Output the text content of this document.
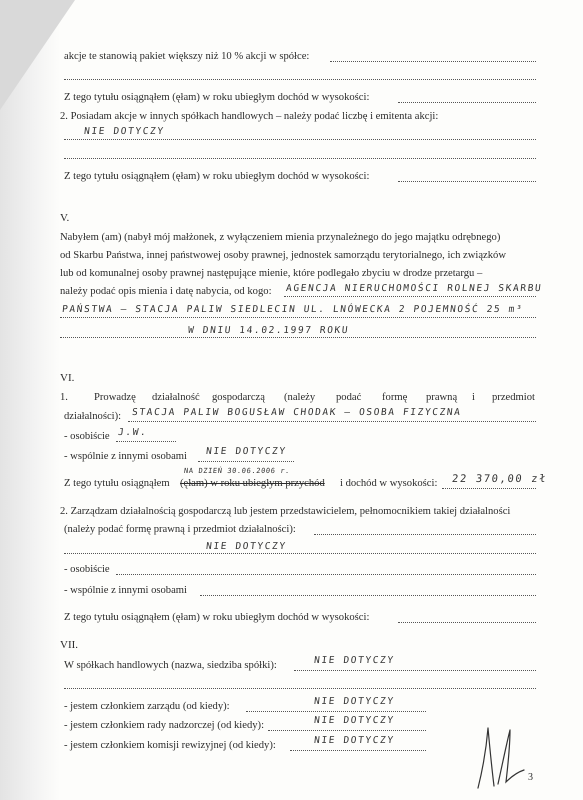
akcje te stanowią pakiet większy niż 10 % akcji w spółce:
Z tego tytułu osiągnąłem (ęłam) w roku ubiegłym dochód w wysokości:
2. Posiadam akcje w innych spółkach handlowych – należy podać liczbę i emitenta akcji:
NIE DOTYCZY
Z tego tytułu osiągnąłem (ęłam) w roku ubiegłym dochód w wysokości:
V.
Nabyłem (am) (nabył mój małżonek, z wyłączeniem mienia przynależnego do jego majątku odrębnego)
od Skarbu Państwa, innej państwowej osoby prawnej, jednostek samorządu terytorialnego, ich związków
lub od komunalnej osoby prawnej następujące mienie, które podlegało zbyciu w drodze przetargu –
należy podać opis mienia i datę nabycia, od kogo: AGENCJA NIERUCHOMOŚCI ROLNEJ SKARBU
PAŃSTWA – STACJA PALIW SIEDLECIN UL. LNÓWECKA 2 POJEMNOŚĆ 25 m³
W DNIU 14.02.1997 ROKU
VI.
1. Prowadzę działalność gospodarczą (należy podać formę prawną i przedmiot
działalności): STACJA PALIW BOGUSŁAW CHODAK – OSOBA FIZYCZNA
- osobiście J.W.
- wspólnie z innymi osobami NIE DOTYCZY
NA DZIEŃ 30.06.2006 r.
Z tego tytułu osiągnąłem (ęłam) w roku ubiegłym przychód i dochód w wysokości: 22 370,00 zł
2. Zarządzam działalnością gospodarczą lub jestem przedstawicielem, pełnomocnikiem takiej działalności
(należy podać formę prawną i przedmiot działalności):
NIE DOTYCZY
- osobiście
- wspólnie z innymi osobami
Z tego tytułu osiągnąłem (ęłam) w roku ubiegłym dochód w wysokości:
VII.
W spółkach handlowych (nazwa, siedziba spółki):	NIE DOTYCZY
- jestem członkiem zarządu (od kiedy):	NIE DOTYCZY
- jestem członkiem rady nadzorczej (od kiedy):	NIE DOTYCZY
- jestem członkiem komisji rewizyjnej (od kiedy):	NIE DOTYCZY
3
